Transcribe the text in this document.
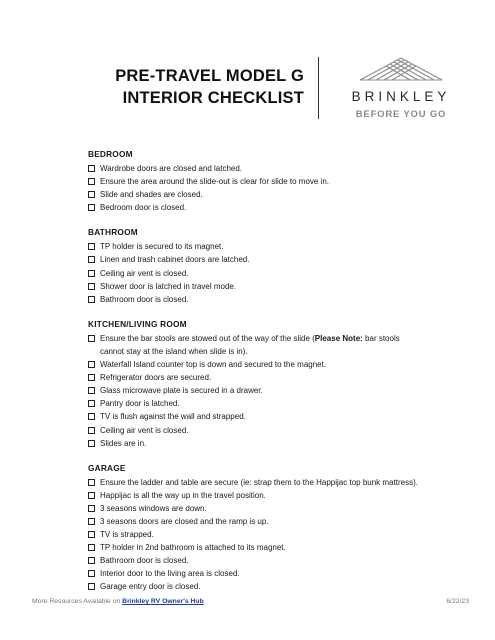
PRE-TRAVEL MODEL G
INTERIOR CHECKLIST	BRINKLEY
BEFORE YOU GO
BEDROOM
Wardrobe doors are closed and latched.
Ensure the area around the slide-out is clear for slide to move in.
Slide and shades are closed.
Bedroom door is closed.
BATHROOM
TP holder is secured to its magnet.
Linen and trash cabinet doors are latched.
Ceiling air vent is closed.
Shower door is latched in travel mode.
Bathroom door is closed.
KITCHEN/LIVING ROOM
Ensure the bar stools are stowed out of the way of the slide (Please Note: bar stools
cannot stay at the island when slide is in).
Waterfall Island counter top is down and secured to the magnet.
Refrigerator doors are secured.
Glass microwave plate is secured in a drawer.
Pantry door is latched.
TV is flush against the wall and strapped.
Ceiling air vent is closed.
Slides are in.
GARAGE
Ensure the ladder and table are secure (ie: strap them to the Happijac top bunk mattress).
Happijac is all the way up in the travel position.
3 seasons windows are down.
3 seasons doors are closed and the ramp is up.
TV is strapped.
TP holder in 2nd bathroom is attached to its magnet.
Bathroom door is closed.
Interior door to the living area is closed.
Garage entry door is closed.
More Resources Available on Brinkley RV Owner's Hub	6/22/23
